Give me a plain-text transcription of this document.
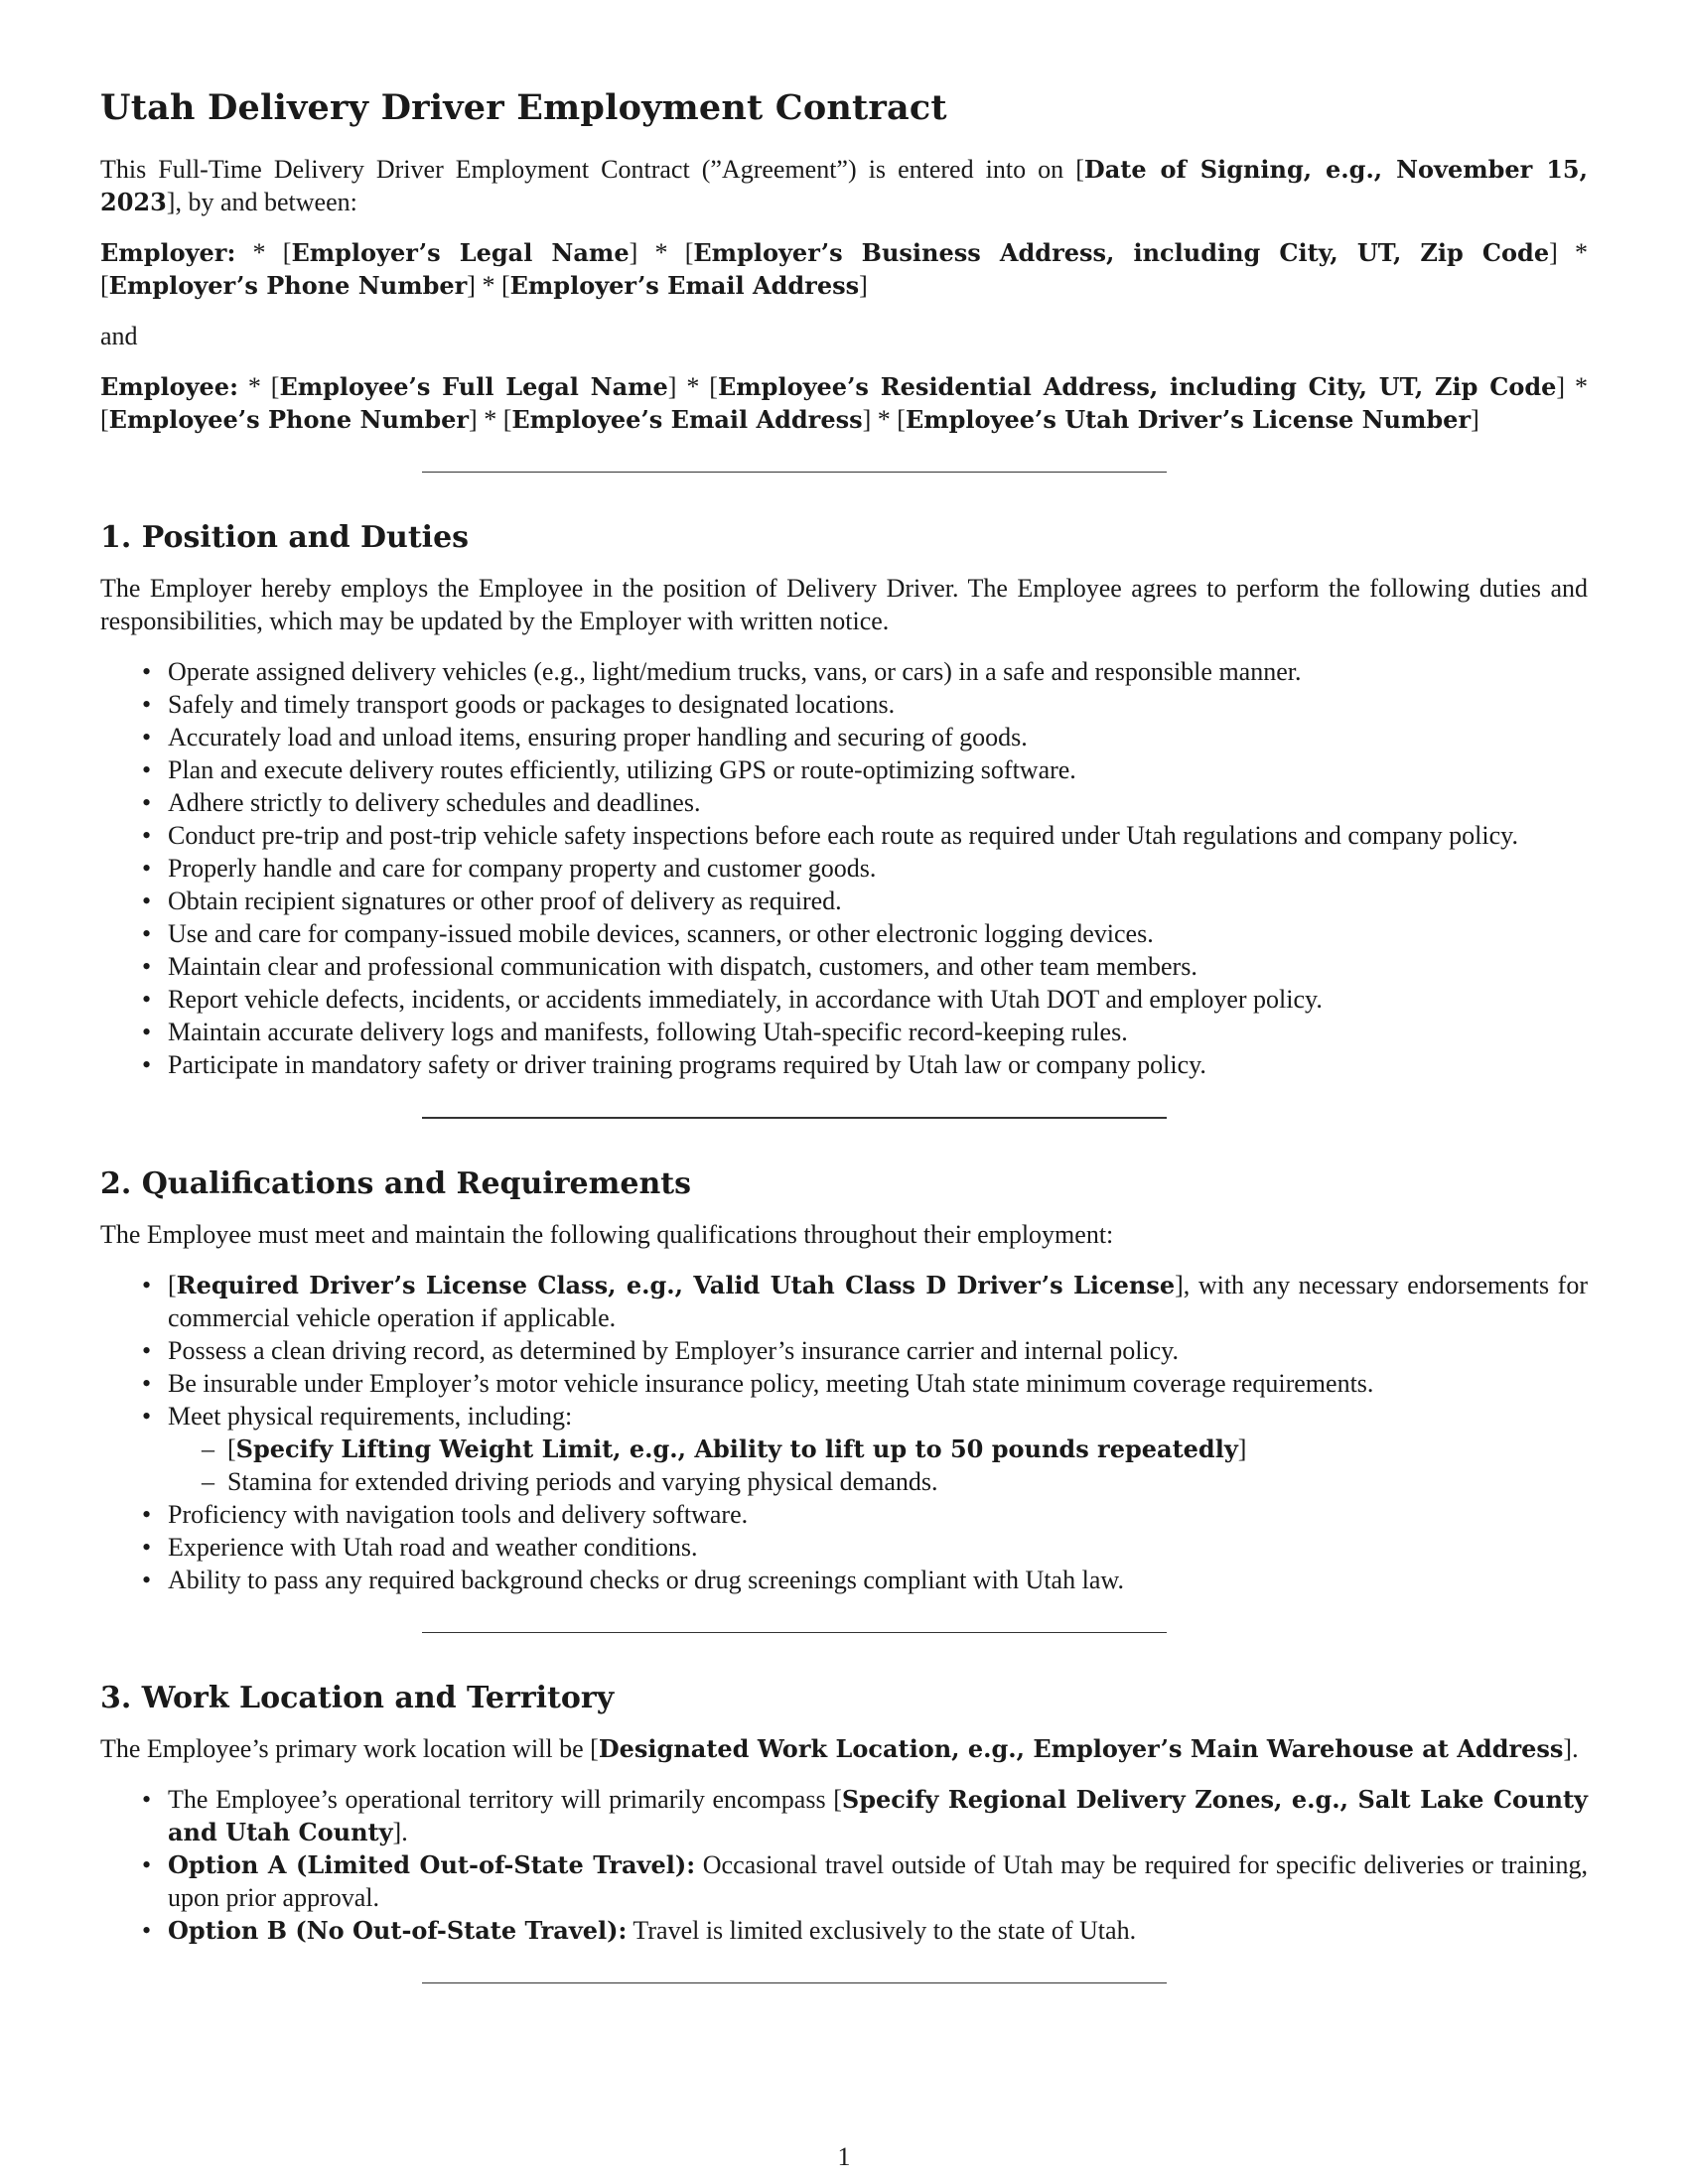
Utah Delivery Driver Employment Contract

This Full-Time Delivery Driver Employment Contract (”Agreement”) is entered into on [Date of Signing, e.g., November 15, 2023], by and between:

Employer: * [Employer’s Legal Name] * [Employer’s Business Address, including City, UT, Zip Code] * [Employer’s Phone Number] * [Employer’s Email Address]

and

Employee: * [Employee’s Full Legal Name] * [Employee’s Residential Address, including City, UT, Zip Code] * [Employee’s Phone Number] * [Employee’s Email Address] * [Employee’s Utah Driver’s License Number]

1. Position and Duties

The Employer hereby employs the Employee in the position of Delivery Driver. The Employee agrees to perform the following duties and responsibilities, which may be updated by the Employer with written notice.

• Operate assigned delivery vehicles (e.g., light/medium trucks, vans, or cars) in a safe and responsible manner.
• Safely and timely transport goods or packages to designated locations.
• Accurately load and unload items, ensuring proper handling and securing of goods.
• Plan and execute delivery routes efficiently, utilizing GPS or route-optimizing software.
• Adhere strictly to delivery schedules and deadlines.
• Conduct pre-trip and post-trip vehicle safety inspections before each route as required under Utah regulations and company policy.
• Properly handle and care for company property and customer goods.
• Obtain recipient signatures or other proof of delivery as required.
• Use and care for company-issued mobile devices, scanners, or other electronic logging devices.
• Maintain clear and professional communication with dispatch, customers, and other team members.
• Report vehicle defects, incidents, or accidents immediately, in accordance with Utah DOT and employer policy.
• Maintain accurate delivery logs and manifests, following Utah-specific record-keeping rules.
• Participate in mandatory safety or driver training programs required by Utah law or company policy.
2. Qualifications and Requirements

The Employee must meet and maintain the following qualifications throughout their employment:

• [Required Driver’s License Class, e.g., Valid Utah Class D Driver’s License], with any necessary endorsements for commercial vehicle operation if applicable.
• Possess a clean driving record, as determined by Employer’s insurance carrier and internal policy.
• Be insurable under Employer’s motor vehicle insurance policy, meeting Utah state minimum coverage requirements.
• Meet physical requirements, including:
– [Specify Lifting Weight Limit, e.g., Ability to lift up to 50 pounds repeatedly]
– Stamina for extended driving periods and varying physical demands.
• Proficiency with navigation tools and delivery software.
• Experience with Utah road and weather conditions.
• Ability to pass any required background checks or drug screenings compliant with Utah law.
3. Work Location and Territory

The Employee’s primary work location will be [Designated Work Location, e.g., Employer’s Main Warehouse at Address].

• The Employee’s operational territory will primarily encompass [Specify Regional Delivery Zones, e.g., Salt Lake County and Utah County].
• Option A (Limited Out-of-State Travel): Occasional travel outside of Utah may be required for specific deliveries or training, upon prior approval.
• Option B (No Out-of-State Travel): Travel is limited exclusively to the state of Utah.
1
